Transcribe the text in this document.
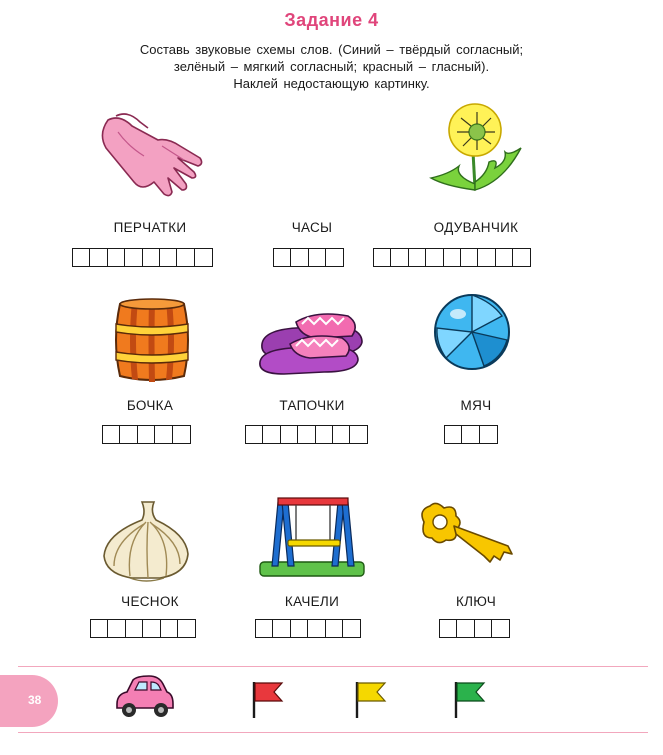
Задание 4
Составь звуковые схемы слов. (Синий – твёрдый согласный;
зелёный – мягкий согласный; красный – гласный).
Наклей недостающую картинку.
ПЕРЧАТКИ	ЧАСЫ	ОДУВАНЧИК
БОЧКА	ТАПОЧКИ	МЯЧ
ЧЕСНОК	КАЧЕЛИ	КЛЮЧ
38
